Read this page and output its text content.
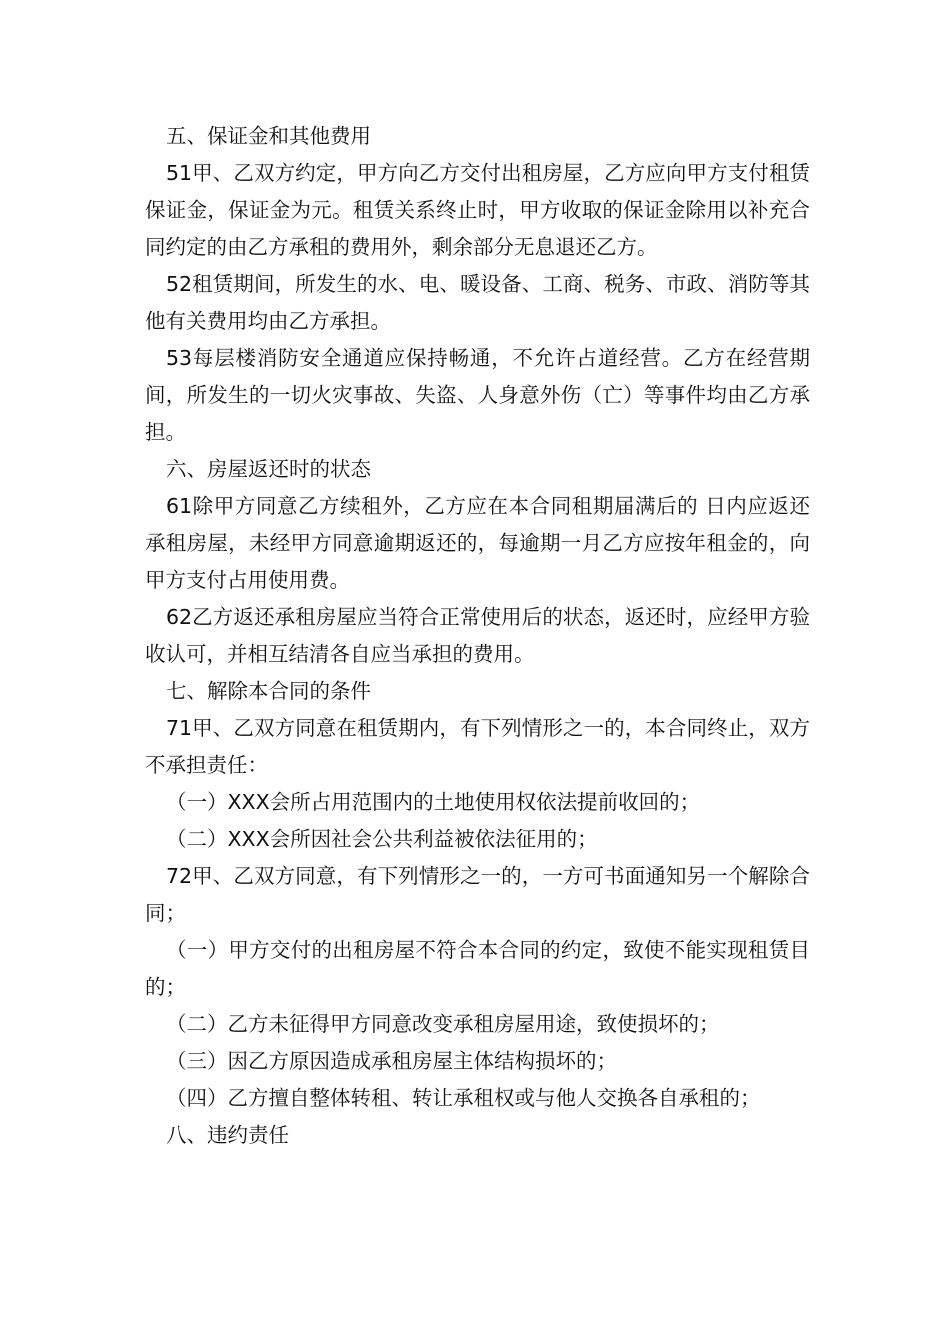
五、保证金和其他费用

51甲、乙双方约定，甲方向乙方交付出租房屋，乙方应向甲方支付租赁保证金，保证金为元。租赁关系终止时，甲方收取的保证金除用以补充合同约定的由乙方承租的费用外，剩余部分无息退还乙方。

52租赁期间，所发生的水、电、暖设备、工商、税务、市政、消防等其他有关费用均由乙方承担。

53每层楼消防安全通道应保持畅通，不允许占道经营。乙方在经营期间，所发生的一切火灾事故、失盗、人身意外伤（亡）等事件均由乙方承担。

六、房屋返还时的状态

61除甲方同意乙方续租外，乙方应在本合同租期届满后的 日内应返还承租房屋，未经甲方同意逾期返还的，每逾期一月乙方应按年租金的，向甲方支付占用使用费。

62乙方返还承租房屋应当符合正常使用后的状态，返还时，应经甲方验收认可，并相互结清各自应当承担的费用。

七、解除本合同的条件

71甲、乙双方同意在租赁期内，有下列情形之一的，本合同终止，双方不承担责任：

（一）XXX会所占用范围内的土地使用权依法提前收回的；

（二）XXX会所因社会公共利益被依法征用的；

72甲、乙双方同意，有下列情形之一的，一方可书面通知另一个解除合同；

（一）甲方交付的出租房屋不符合本合同的约定，致使不能实现租赁目的；

（二）乙方未征得甲方同意改变承租房屋用途，致使损坏的；

（三）因乙方原因造成承租房屋主体结构损坏的；

（四）乙方擅自整体转租、转让承租权或与他人交换各自承租的；

八、违约责任
